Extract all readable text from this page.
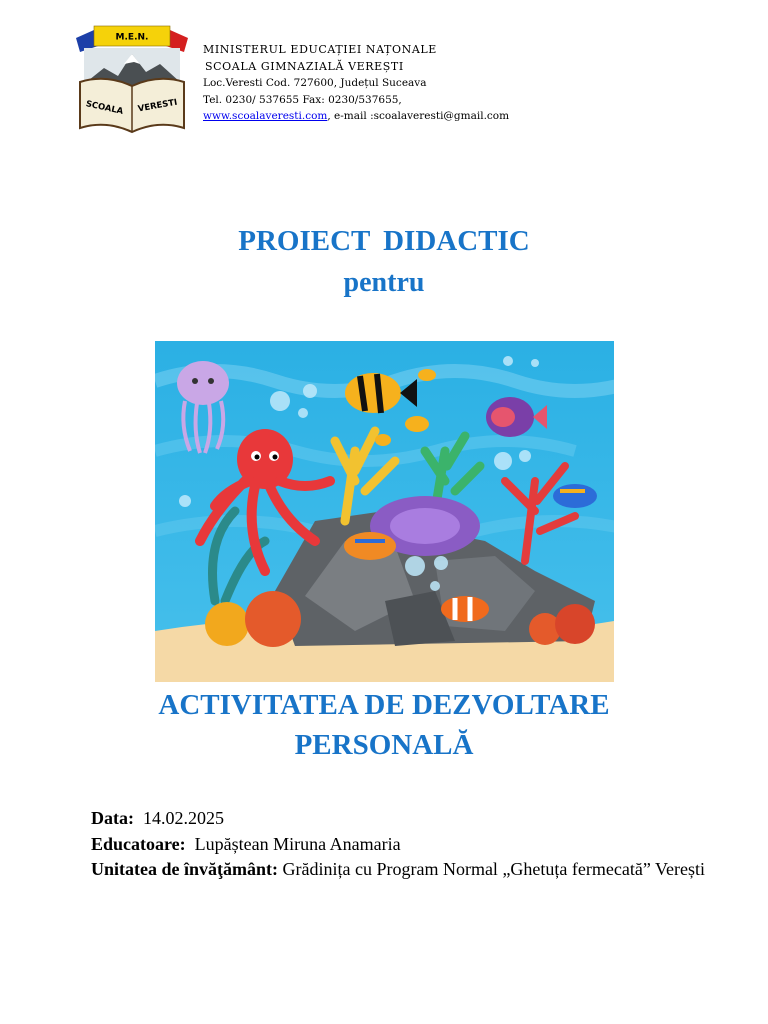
M.E.N.
SCOALA VERESTI
MINISTERUL EDUCAȚIEI NAȚONALE
SCOALA GIMNAZIALĂ VEREȘTI
Loc.Veresti Cod. 727600, Județul Suceava
Tel. 0230/ 537655 Fax: 0230/537655,
www.scoalaveresti.com, e-mail :scoalaveresti@gmail.com
PROIECT DIDACTIC
pentru
ACTIVITATEA DE DEZVOLTARE
PERSONALĂ
Data: 14.02.2025
Educatoare: Lupăștean Miruna Anamaria
Unitatea de învăţământ: Grădinița cu Program Normal „Ghetuța fermecată” Verești
